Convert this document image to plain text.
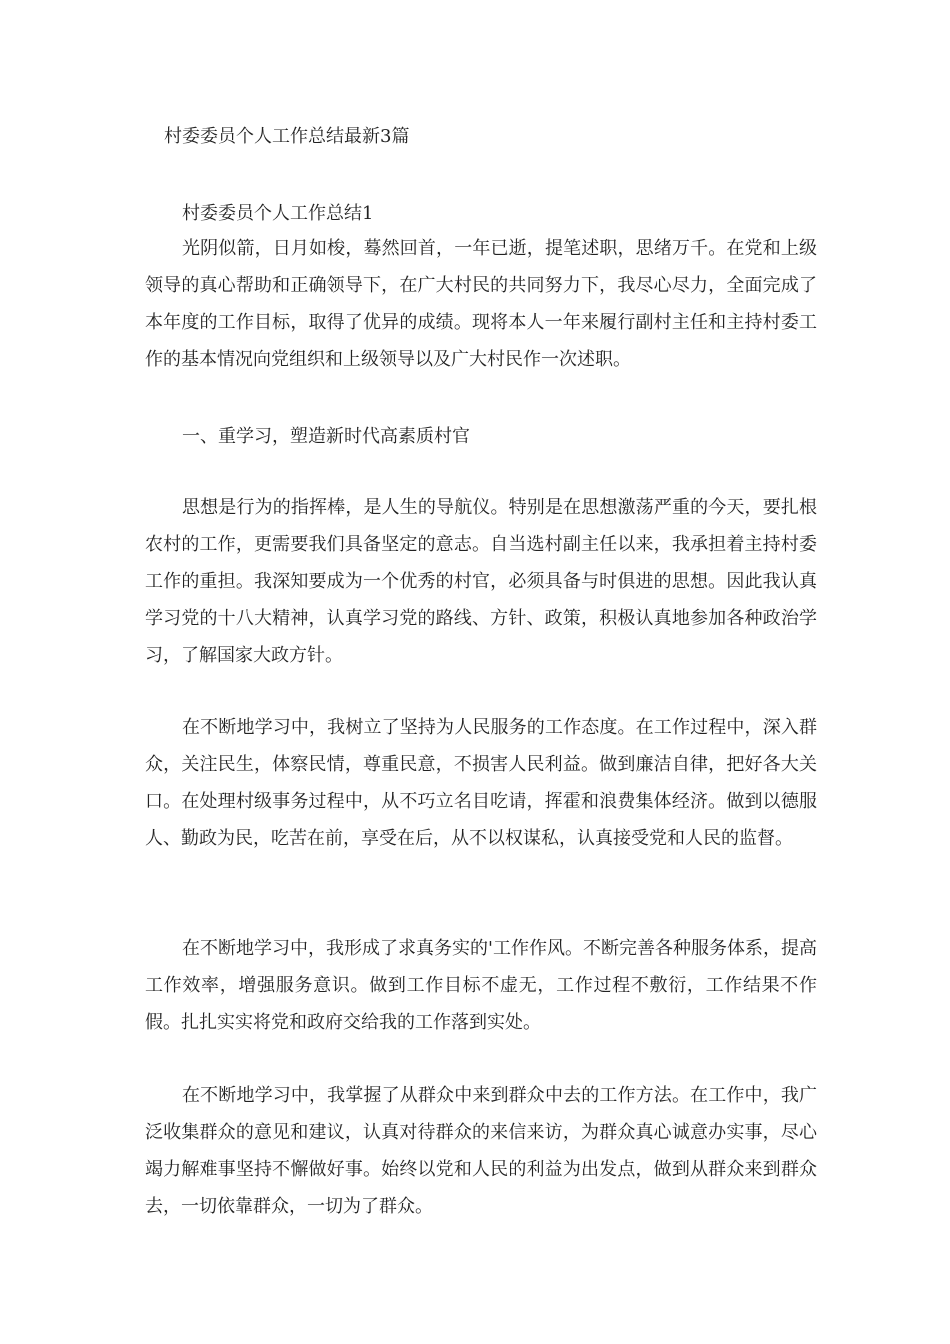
村委委员个人工作总结最新3篇
村委委员个人工作总结1

光阴似箭，日月如梭，蓦然回首，一年已逝，提笔述职，思绪万千。在党和上级领导的真心帮助和正确领导下，在广大村民的共同努力下，我尽心尽力，全面完成了本年度的工作目标，取得了优异的成绩。现将本人一年来履行副村主任和主持村委工作的基本情况向党组织和上级领导以及广大村民作一次述职。

一、重学习，塑造新时代高素质村官

思想是行为的指挥棒，是人生的导航仪。特别是在思想激荡严重的今天，要扎根农村的工作，更需要我们具备坚定的意志。自当选村副主任以来，我承担着主持村委工作的重担。我深知要成为一个优秀的村官，必须具备与时俱进的思想。因此我认真学习党的十八大精神，认真学习党的路线、方针、政策，积极认真地参加各种政治学习，了解国家大政方针。

在不断地学习中，我树立了坚持为人民服务的工作态度。在工作过程中，深入群众，关注民生，体察民情，尊重民意，不损害人民利益。做到廉洁自律，把好各大关口。在处理村级事务过程中，从不巧立名目吃请，挥霍和浪费集体经济。做到以德服人、勤政为民，吃苦在前，享受在后，从不以权谋私，认真接受党和人民的监督。

在不断地学习中，我形成了求真务实的'工作作风。不断完善各种服务体系，提高工作效率，增强服务意识。做到工作目标不虚无，工作过程不敷衍，工作结果不作假。扎扎实实将党和政府交给我的工作落到实处。

在不断地学习中，我掌握了从群众中来到群众中去的工作方法。在工作中，我广泛收集群众的意见和建议，认真对待群众的来信来访，为群众真心诚意办实事，尽心竭力解难事坚持不懈做好事。始终以党和人民的利益为出发点，做到从群众来到群众去，一切依靠群众，一切为了群众。
